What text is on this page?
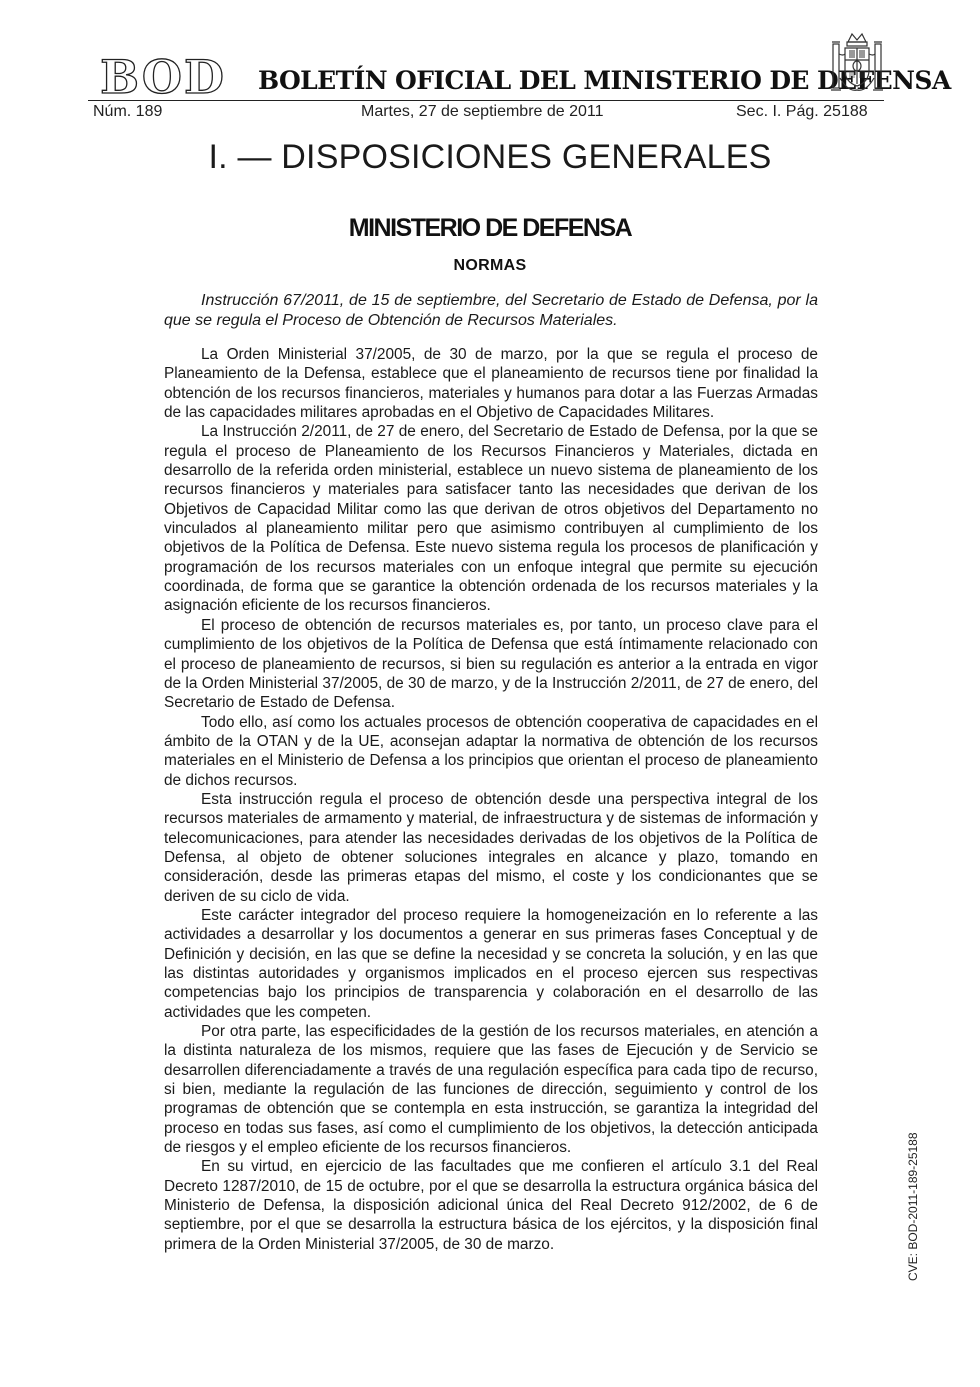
BOD BOLETÍN OFICIAL DEL MINISTERIO DE DEFENSA
Núm. 189	Martes, 27 de septiembre de 2011	Sec. I. Pág. 25188
I. — DISPOSICIONES GENERALES
MINISTERIO DE DEFENSA
NORMAS

Instrucción 67/2011, de 15 de septiembre, del Secretario de Estado de Defensa, por la que se regula el Proceso de Obtención de Recursos Materiales.

La Orden Ministerial 37/2005, de 30 de marzo, por la que se regula el proceso de Planeamiento de la Defensa, establece que el planeamiento de recursos tiene por finalidad la obtención de los recursos financieros, materiales y humanos para dotar a las Fuerzas Armadas de las capacidades militares aprobadas en el Objetivo de Capacidades Militares.

La Instrucción 2/2011, de 27 de enero, del Secretario de Estado de Defensa, por la que se regula el proceso de Planeamiento de los Recursos Financieros y Materiales, dictada en desarrollo de la referida orden ministerial, establece un nuevo sistema de planeamiento de los recursos financieros y materiales para satisfacer tanto las necesidades que derivan de los Objetivos de Capacidad Militar como las que derivan de otros objetivos del Departamento no vinculados al planeamiento militar pero que asimismo contribuyen al cumplimiento de los objetivos de la Política de Defensa. Este nuevo sistema regula los procesos de planificación y programación de los recursos materiales con un enfoque integral que permite su ejecución coordinada, de forma que se garantice la obtención ordenada de los recursos materiales y la asignación eficiente de los recursos financieros.

El proceso de obtención de recursos materiales es, por tanto, un proceso clave para el cumplimiento de los objetivos de la Política de Defensa que está íntimamente relacionado con el proceso de planeamiento de recursos, si bien su regulación es anterior a la entrada en vigor de la Orden Ministerial 37/2005, de 30 de marzo, y de la Instrucción 2/2011, de 27 de enero, del Secretario de Estado de Defensa.

Todo ello, así como los actuales procesos de obtención cooperativa de capacidades en el ámbito de la OTAN y de la UE, aconsejan adaptar la normativa de obtención de los recursos materiales en el Ministerio de Defensa a los principios que orientan el proceso de planeamiento de dichos recursos.

Esta instrucción regula el proceso de obtención desde una perspectiva integral de los recursos materiales de armamento y material, de infraestructura y de sistemas de información y telecomunicaciones, para atender las necesidades derivadas de los objetivos de la Política de Defensa, al objeto de obtener soluciones integrales en alcance y plazo, tomando en consideración, desde las primeras etapas del mismo, el coste y los condicionantes que se deriven de su ciclo de vida.

Este carácter integrador del proceso requiere la homogeneización en lo referente a las actividades a desarrollar y los documentos a generar en sus primeras fases Conceptual y de Definición y decisión, en las que se define la necesidad y se concreta la solución, y en las que las distintas autoridades y organismos implicados en el proceso ejercen sus respectivas competencias bajo los principios de transparencia y colaboración en el desarrollo de las actividades que les competen.

Por otra parte, las especificidades de la gestión de los recursos materiales, en atención a la distinta naturaleza de los mismos, requiere que las fases de Ejecución y de Servicio se desarrollen diferenciadamente a través de una regulación específica para cada tipo de recurso, si bien, mediante la regulación de las funciones de dirección, seguimiento y control de los programas de obtención que se contempla en esta instrucción, se garantiza la integridad del proceso en todas sus fases, así como el cumplimiento de los objetivos, la detección anticipada de riesgos y el empleo eficiente de los recursos financieros.

En su virtud, en ejercicio de las facultades que me confieren el artículo 3.1 del Real Decreto 1287/2010, de 15 de octubre, por el que se desarrolla la estructura orgánica básica del Ministerio de Defensa, la disposición adicional única del Real Decreto 912/2002, de 6 de septiembre, por el que se desarrolla la estructura básica de los ejércitos, y la disposición final primera de la Orden Ministerial 37/2005, de 30 de marzo.	CVE: BOD-2011-189-25188
